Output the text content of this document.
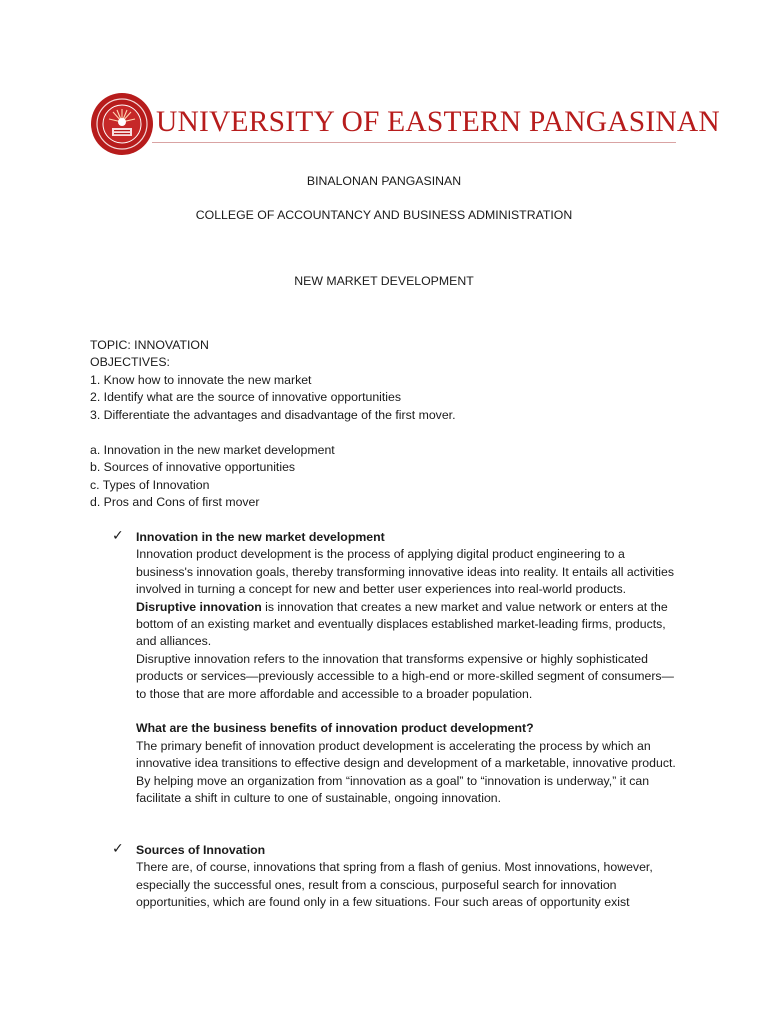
UNIVERSITY OF EASTERN PANGASINAN
BINALONAN PANGASINAN
COLLEGE OF ACCOUNTANCY AND BUSINESS ADMINISTRATION
NEW MARKET DEVELOPMENT
TOPIC: INNOVATION
OBJECTIVES:
1. Know how to innovate the new market
2. Identify what are the source of innovative opportunities
3. Differentiate the advantages and disadvantage of the first mover.
a. Innovation in the new market development
b. Sources of innovative opportunities
c. Types of Innovation
d. Pros and Cons of first mover
✓ Innovation in the new market development

Innovation product development is the process of applying digital product engineering to a business's innovation goals, thereby transforming innovative ideas into reality. It entails all activities involved in turning a concept for new and better user experiences into real-world products.

Disruptive innovation is innovation that creates a new market and value network or enters at the bottom of an existing market and eventually displaces established market-leading firms, products, and alliances.

Disruptive innovation refers to the innovation that transforms expensive or highly sophisticated products or services—previously accessible to a high-end or more-skilled segment of consumers—to those that are more affordable and accessible to a broader population.

What are the business benefits of innovation product development?

The primary benefit of innovation product development is accelerating the process by which an innovative idea transitions to effective design and development of a marketable, innovative product. By helping move an organization from “innovation as a goal” to “innovation is underway,” it can facilitate a shift in culture to one of sustainable, ongoing innovation.

✓ Sources of Innovation

There are, of course, innovations that spring from a flash of genius. Most innovations, however, especially the successful ones, result from a conscious, purposeful search for innovation opportunities, which are found only in a few situations. Four such areas of opportunity exist
